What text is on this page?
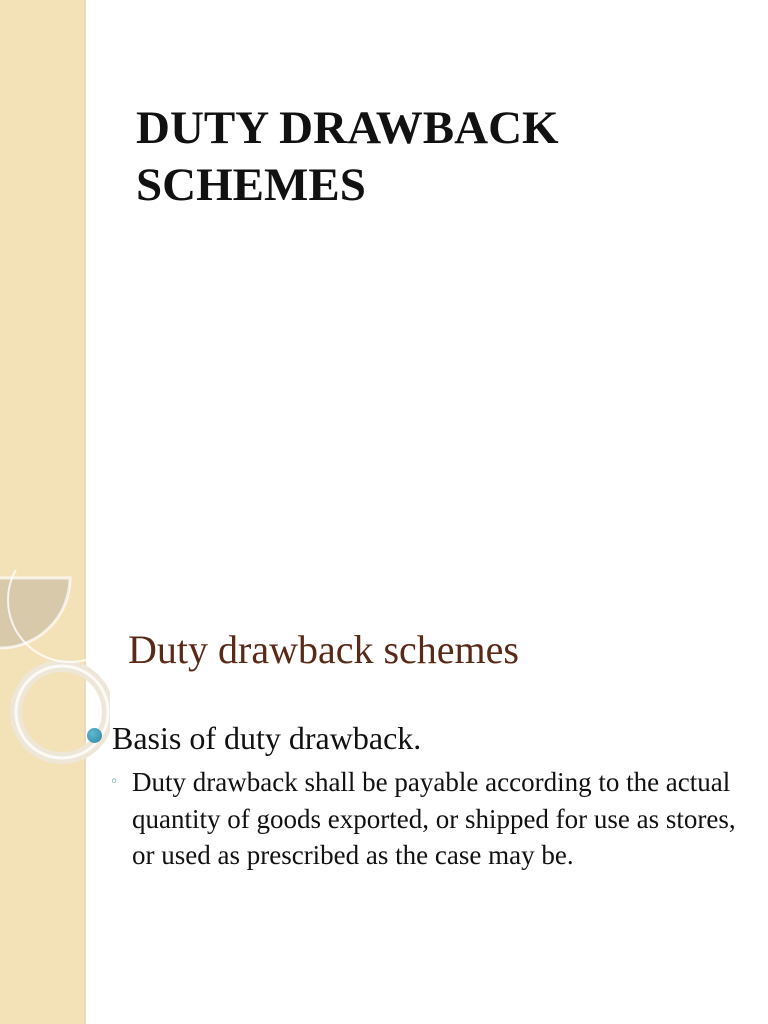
DUTY DRAWBACK
SCHEMES
Duty drawback schemes
Basis of duty drawback.
◦ Duty drawback shall be payable according to the actual quantity of goods exported, or shipped for use as stores, or used as prescribed as the case may be.
